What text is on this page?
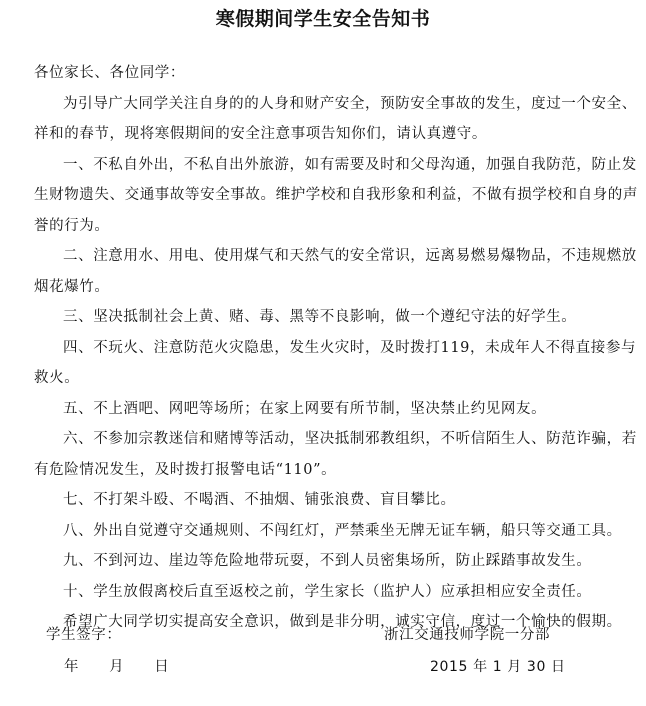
寒假期间学生安全告知书

各位家长、各位同学：

为引导广大同学关注自身的的人身和财产安全，预防安全事故的发生，度过一个安全、祥和的春节，现将寒假期间的安全注意事项告知你们，请认真遵守。

一、不私自外出，不私自出外旅游，如有需要及时和父母沟通，加强自我防范，防止发生财物遗失、交通事故等安全事故。维护学校和自我形象和利益，不做有损学校和自身的声誉的行为。

二、注意用水、用电、使用煤气和天然气的安全常识，远离易燃易爆物品，不违规燃放烟花爆竹。

三、坚决抵制社会上黄、赌、毒、黑等不良影响，做一个遵纪守法的好学生。

四、不玩火、注意防范火灾隐患，发生火灾时，及时拨打119，未成年人不得直接参与救火。

五、不上酒吧、网吧等场所；在家上网要有所节制，坚决禁止约见网友。

六、不参加宗教迷信和赌博等活动，坚决抵制邪教组织，不听信陌生人、防范诈骗，若有危险情况发生，及时拨打报警电话“110”。

七、不打架斗殴、不喝酒、不抽烟、铺张浪费、盲目攀比。

八、外出自觉遵守交通规则、不闯红灯，严禁乘坐无牌无证车辆，船只等交通工具。

九、不到河边、崖边等危险地带玩耍，不到人员密集场所，防止踩踏事故发生。

十、学生放假离校后直至返校之前，学生家长（监护人）应承担相应安全责任。

希望广大同学切实提高安全意识，做到是非分明，诚实守信，度过一个愉快的假期。

学生签字：	浙江交通技师学院一分部
年 月 日	2015 年 1 月 30 日
